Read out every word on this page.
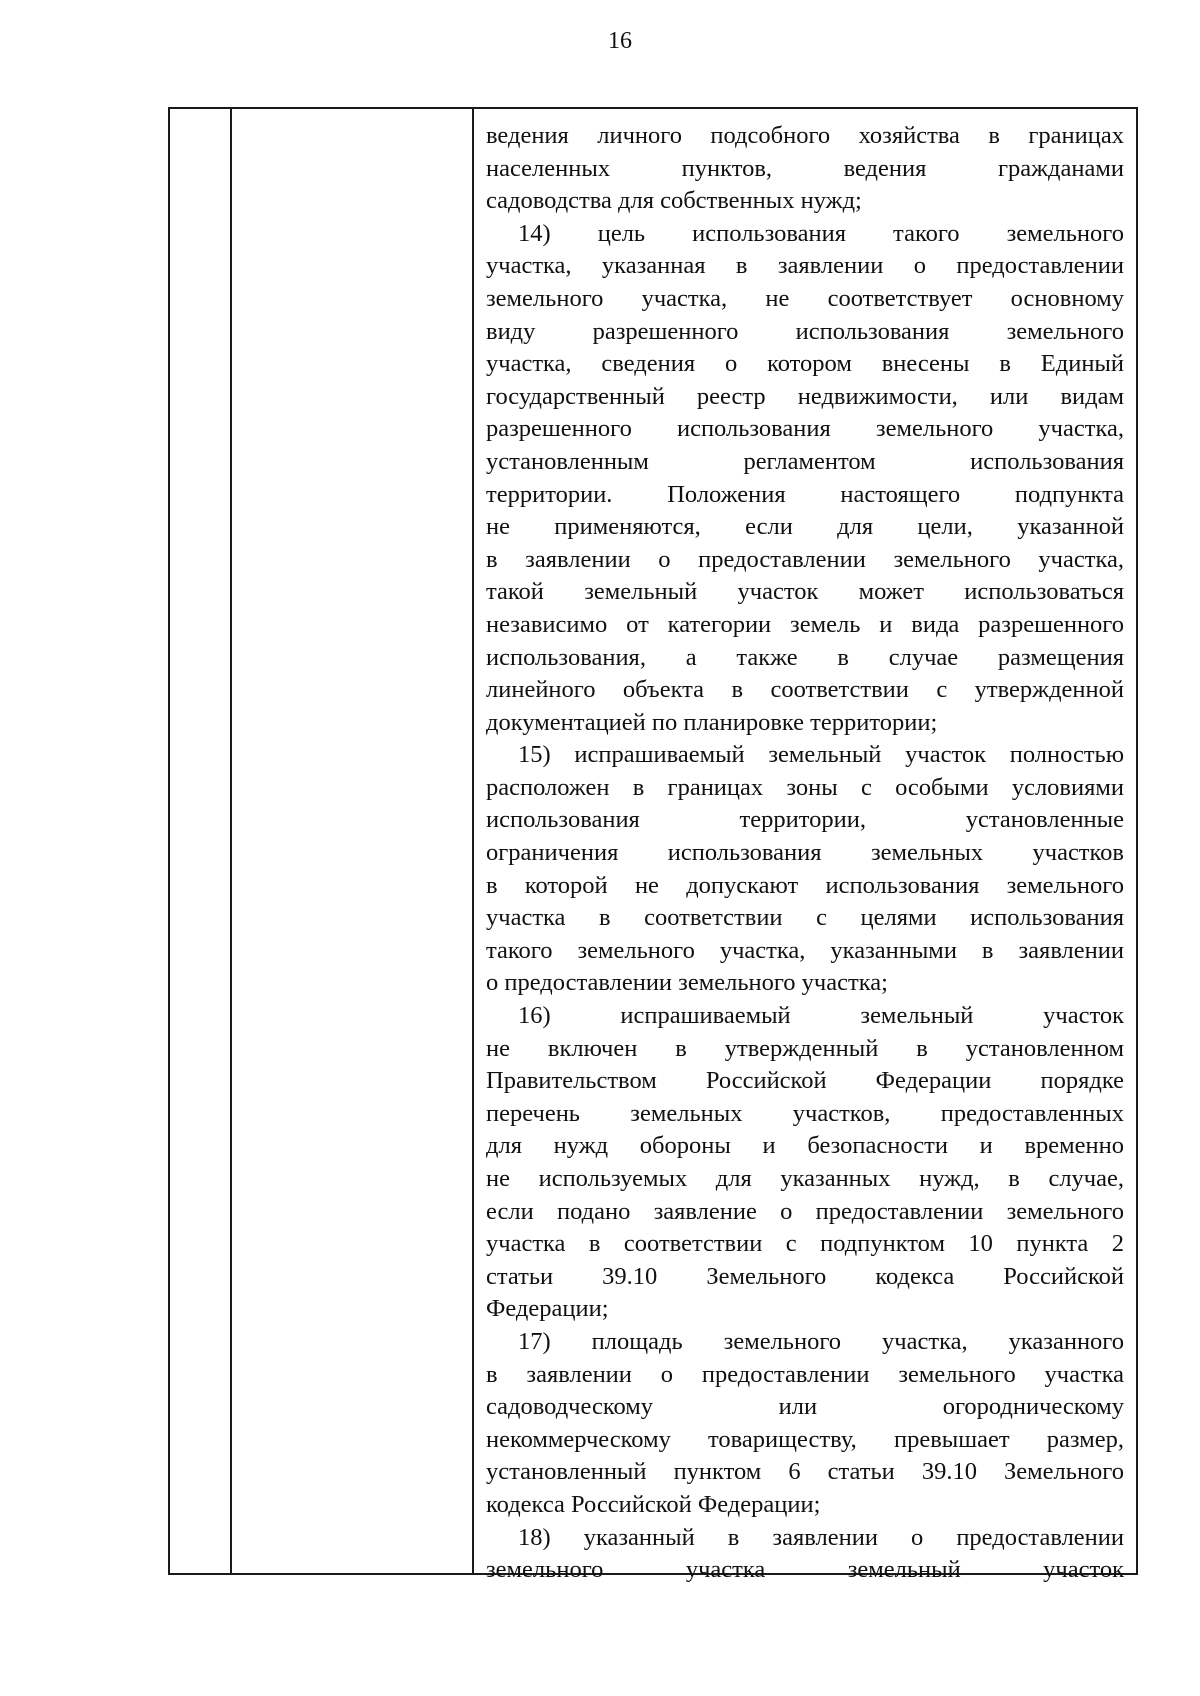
16
ведения личного подсобного хозяйства в границах
населенных пунктов, ведения гражданами
садоводства для собственных нужд;
14) цель использования такого земельного
участка, указанная в заявлении о предоставлении
земельного участка, не соответствует основному
виду разрешенного использования земельного
участка, сведения о котором внесены в Единый
государственный реестр недвижимости, или видам
разрешенного использования земельного участка,
установленным регламентом использования
территории. Положения настоящего подпункта
не применяются, если для цели, указанной
в заявлении о предоставлении земельного участка,
такой земельный участок может использоваться
независимо от категории земель и вида разрешенного
использования, а также в случае размещения
линейного объекта в соответствии с утвержденной
документацией по планировке территории;
15) испрашиваемый земельный участок полностью
расположен в границах зоны с особыми условиями
использования территории, установленные
ограничения использования земельных участков
в которой не допускают использования земельного
участка в соответствии с целями использования
такого земельного участка, указанными в заявлении
о предоставлении земельного участка;
16) испрашиваемый земельный участок
не включен в утвержденный в установленном
Правительством Российской Федерации порядке
перечень земельных участков, предоставленных
для нужд обороны и безопасности и временно
не используемых для указанных нужд, в случае,
если подано заявление о предоставлении земельного
участка в соответствии с подпунктом 10 пункта 2
статьи 39.10 Земельного кодекса Российской
Федерации;
17) площадь земельного участка, указанного
в заявлении о предоставлении земельного участка
садоводческому или огородническому
некоммерческому товариществу, превышает размер,
установленный пунктом 6 статьи 39.10 Земельного
кодекса Российской Федерации;
18) указанный в заявлении о предоставлении
земельного участка земельный участок
